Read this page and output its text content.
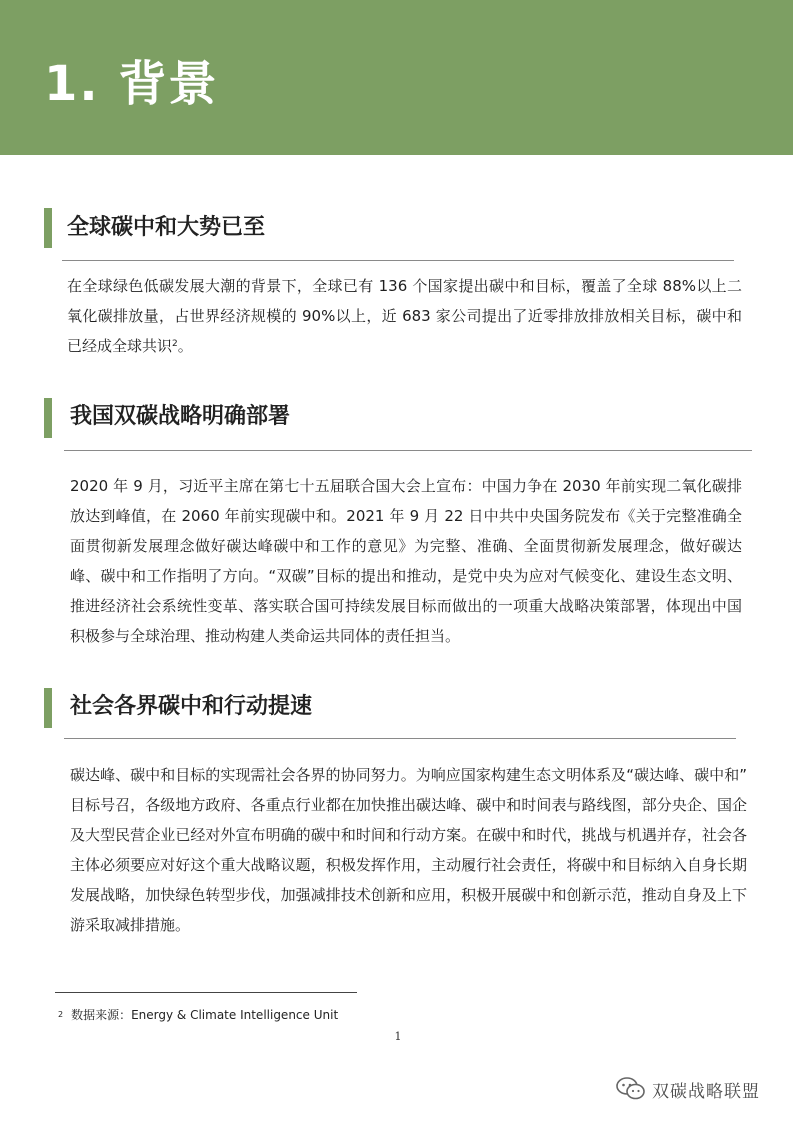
1. 背景
全球碳中和大势已至
在全球绿色低碳发展大潮的背景下，全球已有 136 个国家提出碳中和目标，覆盖了全球 88%以上二氧化碳排放量，占世界经济规模的 90%以上，近 683 家公司提出了近零排放排放相关目标，碳中和已经成全球共识$^2$。
我国双碳战略明确部署
2020 年 9 月，习近平主席在第七十五届联合国大会上宣布：中国力争在 2030 年前实现二氧化碳排放达到峰值，在 2060 年前实现碳中和。2021 年 9 月 22 日中共中央国务院发布《关于完整准确全面贯彻新发展理念做好碳达峰碳中和工作的意见》为完整、准确、全面贯彻新发展理念，做好碳达峰、碳中和工作指明了方向。“双碳”目标的提出和推动，是党中央为应对气候变化、建设生态文明、推进经济社会系统性变革、落实联合国可持续发展目标而做出的一项重大战略决策部署，体现出中国积极参与全球治理、推动构建人类命运共同体的责任担当。
社会各界碳中和行动提速
碳达峰、碳中和目标的实现需社会各界的协同努力。为响应国家构建生态文明体系及“碳达峰、碳中和” 目标号召，各级地方政府、各重点行业都在加快推出碳达峰、碳中和时间表与路线图，部分央企、国企及大型民营企业已经对外宣布明确的碳中和时间和行动方案。在碳中和时代，挑战与机遇并存，社会各主体必须要应对好这个重大战略议题，积极发挥作用，主动履行社会责任，将碳中和目标纳入自身长期发展战略，加快绿色转型步伐，加强减排技术创新和应用，积极开展碳中和创新示范，推动自身及上下游采取减排措施。
$^2$ 数据来源：Energy & Climate Intelligence Unit
1
双碳战略联盟
